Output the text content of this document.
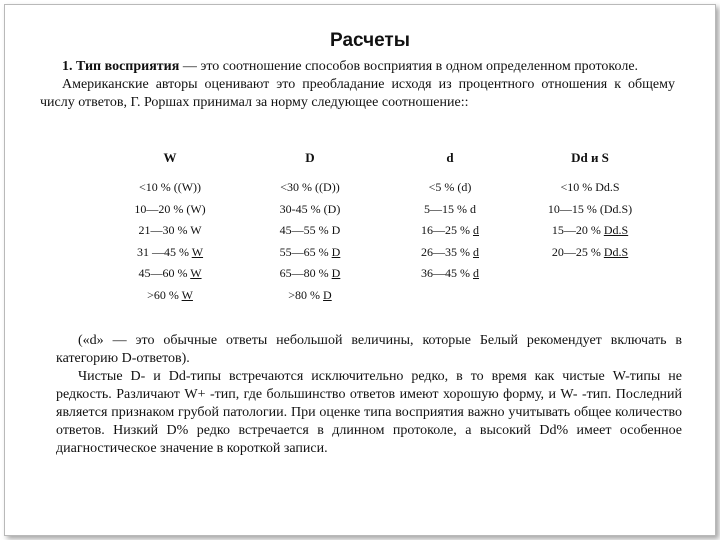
Расчеты

1. Тип восприятия — это соотношение способов восприятия в одном определенном протоколе.

Американские авторы оценивают это преобладание исходя из процентного отношения к общему числу ответов, Г. Роршах принимал за норму следующее соотношение::

W
<10 % ((W))
10—20 % (W)
21—30 % W
31 —45 % W
45—60 % W
>60 % W
D
<30 % ((D))
30-45 % (D)
45—55 % D
55—65 % D
65—80 % D
>80 % D
d
<5 % (d)
5—15 % d
16—25 % d
26—35 % d
36—45 % d
Dd и S
<10 % Dd.S
10—15 % (Dd.S)
15—20 % Dd.S
20—25 % Dd.S

(«d» — это обычные ответы небольшой величины, которые Белый рекомендует включать в категорию D-ответов).

Чистые D- и Dd-типы встречаются исключительно редко, в то время как чистые W-типы не редкость. Различают W+ -тип, где большинство ответов имеют хорошую форму, и W- -тип. Последний является признаком грубой патологии. При оценке типа восприятия важно учитывать общее количество ответов. Низкий D% редко встречается в длинном протоколе, а высокий Dd% имеет особенное диагностическое значение в короткой записи.
